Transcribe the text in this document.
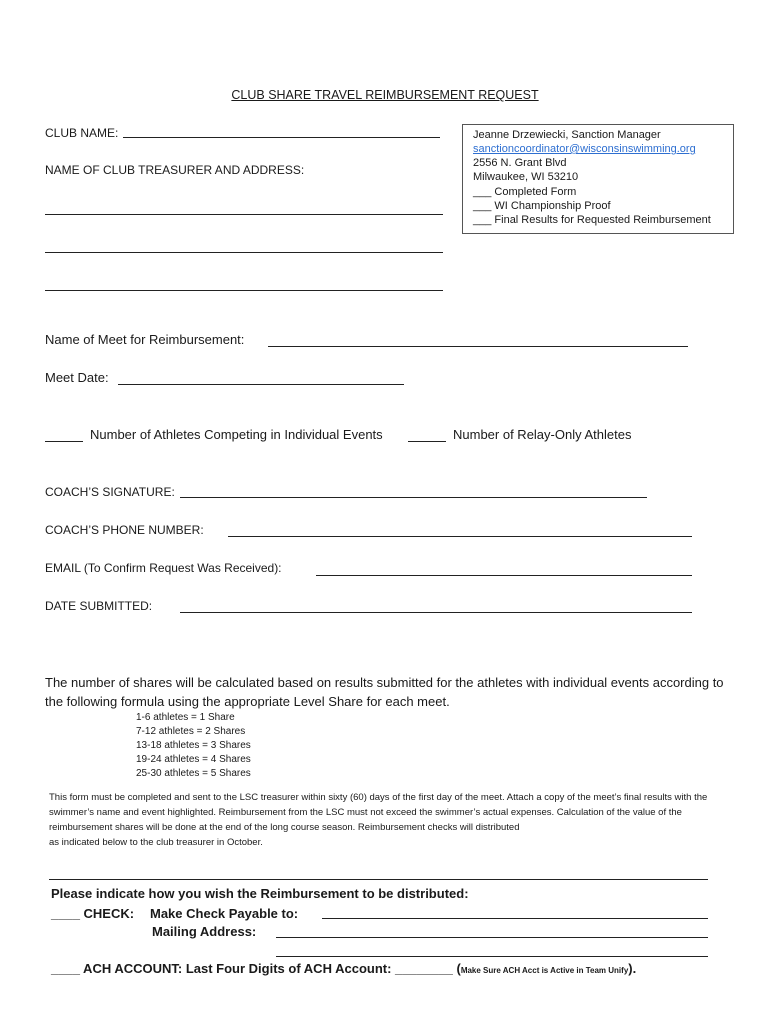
CLUB SHARE TRAVEL REIMBURSEMENT REQUEST
CLUB NAME:
NAME OF CLUB TREASURER AND ADDRESS:
Jeanne Drzewiecki, Sanction Manager
sanctioncoordinator@wisconsinswimming.org
2556 N. Grant Blvd
Milwaukee, WI 53210
___ Completed Form
___ WI Championship Proof
___ Final Results for Requested Reimbursement
Name of Meet for Reimbursement:
Meet Date:
Number of Athletes Competing in Individual Events	Number of Relay-Only Athletes
COACH’S SIGNATURE:
COACH’S PHONE NUMBER:
EMAIL (To Confirm Request Was Received):
DATE SUBMITTED:
The number of shares will be calculated based on results submitted for the athletes with individual events according to the following formula using the appropriate Level Share for each meet.
1-6 athletes = 1 Share
7-12 athletes = 2 Shares
13-18 athletes = 3 Shares
19-24 athletes = 4 Shares
25-30 athletes = 5 Shares
This form must be completed and sent to the LSC treasurer within sixty (60) days of the first day of the meet. Attach a copy of the meet’s final results with the swimmer’s name and event highlighted. Reimbursement from the LSC must not exceed the swimmer’s actual expenses. Calculation of the value of the reimbursement shares will be done at the end of the long course season. Reimbursement checks will distributed
as indicated below to the club treasurer in October.
Please indicate how you wish the Reimbursement to be distributed:
____ CHECK: Make Check Payable to:
Mailing Address:
____ ACH ACCOUNT: Last Four Digits of ACH Account: ________ (Make Sure ACH Acct is Active in Team Unify).
